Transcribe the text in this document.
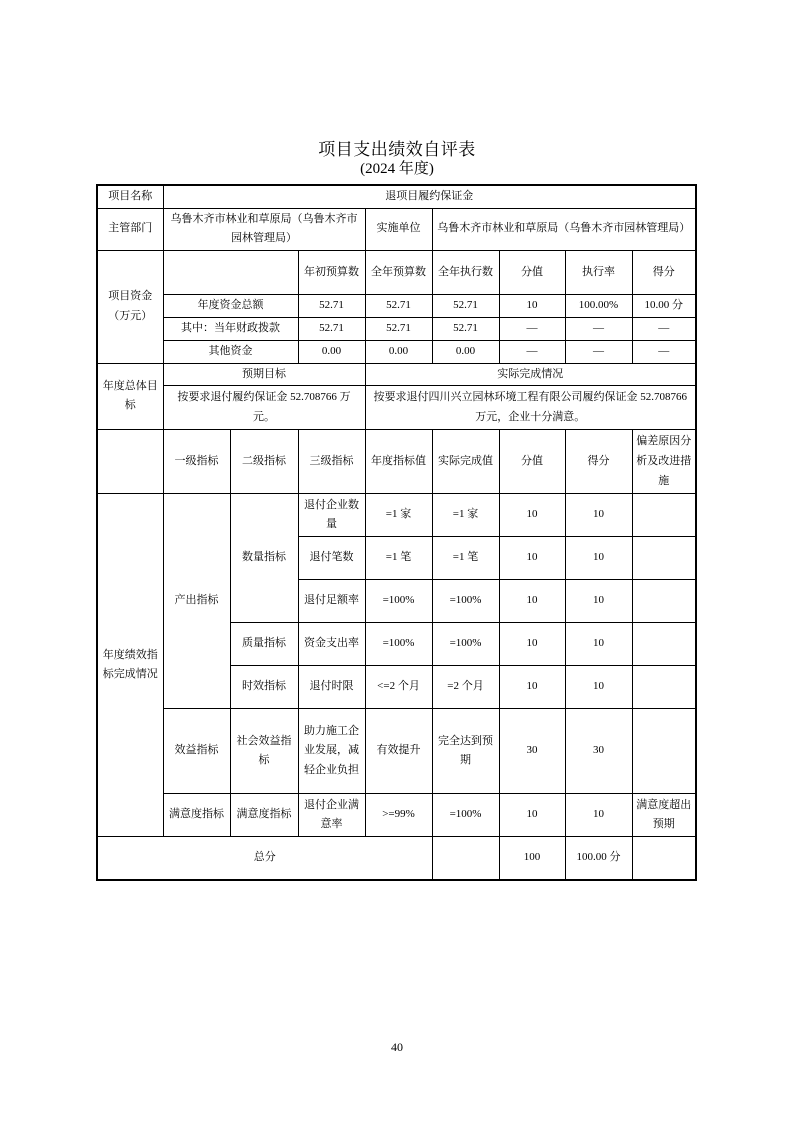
项目支出绩效自评表
(2024 年度)
项目名称	退项目履约保证金							
主管部门	乌鲁木齐市林业和草原局（乌鲁木齐市园林管理局）			实施单位	乌鲁木齐市林业和草原局（乌鲁木齐市园林管理局）			
项目资金（万元）			年初预算数	全年预算数	全年执行数	分值	执行率	得分
	年度资金总额		52.71	52.71	52.71	10	100.00%	10.00 分
	其中：当年财政拨款		52.71	52.71	52.71	—	—	—
	其他资金		0.00	0.00	0.00	—	—	—
年度总体目标	预期目标			实际完成情况				
	按要求退付履约保证金 52.708766 万元。			按要求退付四川兴立园林环境工程有限公司履约保证金 52.708766 万元，企业十分满意。				
	一级指标	二级指标	三级指标	年度指标值	实际完成值	分值	得分	偏差原因分析及改进措施
年度绩效指标完成情况	产出指标	数量指标	退付企业数量	=1 家	=1 家	10	10	
			退付笔数	=1 笔	=1 笔	10	10	
			退付足额率	=100%	=100%	10	10	
		质量指标	资金支出率	=100%	=100%	10	10	
		时效指标	退付时限	<=2 个月	=2 个月	10	10	
	效益指标	社会效益指标	助力施工企业发展，减轻企业负担	有效提升	完全达到预期	30	30	
	满意度指标	满意度指标	退付企业满意率	>=99%	=100%	10	10	满意度超出预期
总分						100	100.00 分	
40
